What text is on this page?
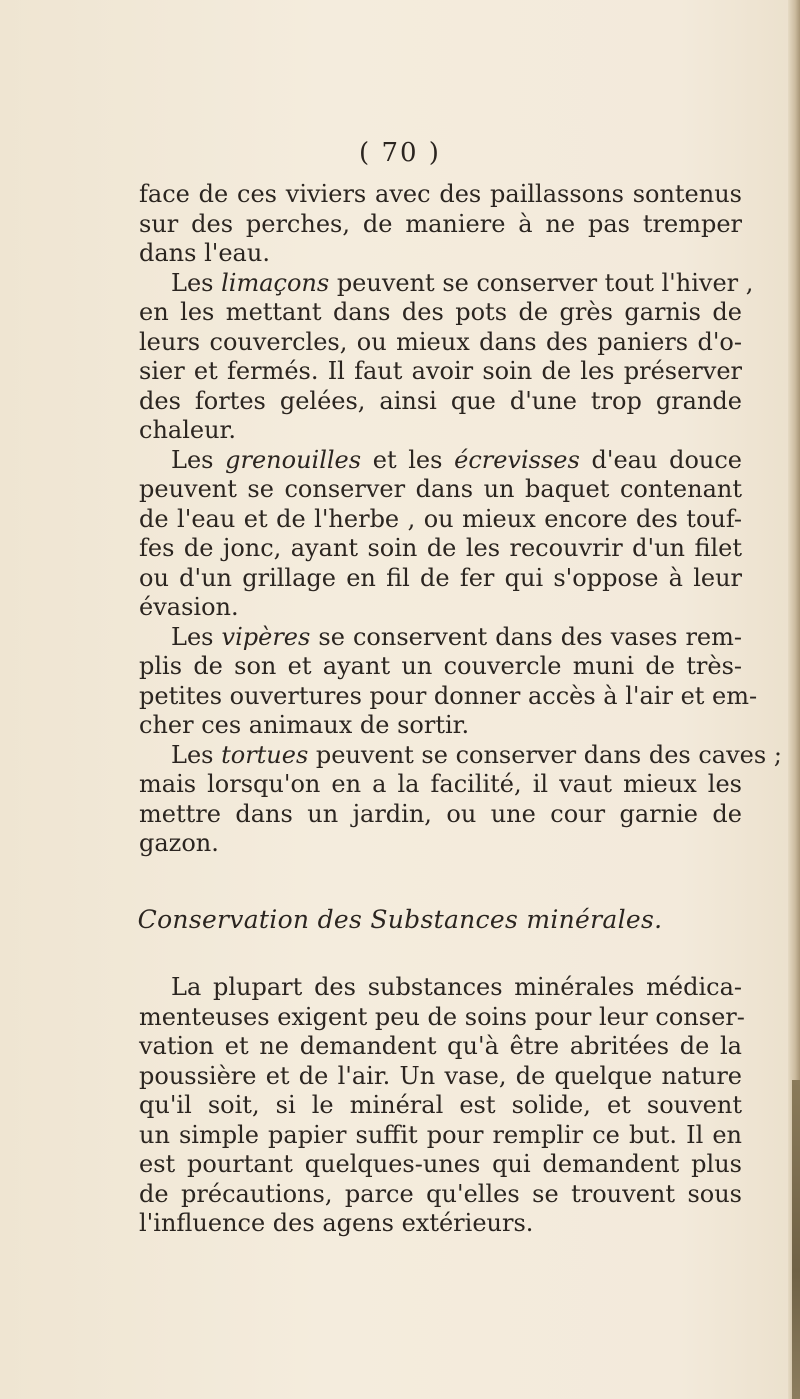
( 70 )
face de ces viviers avec des paillassons sontenus
sur des perches, de maniere à ne pas tremper
dans l'eau.
Les limaçons peuvent se conserver tout l'hiver ,
en les mettant dans des pots de grès garnis de
leurs couvercles, ou mieux dans des paniers d'o-
sier et fermés. Il faut avoir soin de les préserver
des fortes gelées, ainsi que d'une trop grande
chaleur.
Les grenouilles et les écrevisses d'eau douce
peuvent se conserver dans un baquet contenant
de l'eau et de l'herbe , ou mieux encore des touf-
fes de jonc, ayant soin de les recouvrir d'un filet
ou d'un grillage en fil de fer qui s'oppose à leur
évasion.
Les vipères se conservent dans des vases rem-
plis de son et ayant un couvercle muni de très-
petites ouvertures pour donner accès à l'air et em-
cher ces animaux de sortir.
Les tortues peuvent se conserver dans des caves ;
mais lorsqu'on en a la facilité, il vaut mieux les
mettre dans un jardin, ou une cour garnie de
gazon.
Conservation des Substances minérales.
La plupart des substances minérales médica-
menteuses exigent peu de soins pour leur conser-
vation et ne demandent qu'à être abritées de la
poussière et de l'air. Un vase, de quelque nature
qu'il soit, si le minéral est solide, et souvent
un simple papier suffit pour remplir ce but. Il en
est pourtant quelques-unes qui demandent plus
de précautions, parce qu'elles se trouvent sous
l'influence des agens extérieurs.
